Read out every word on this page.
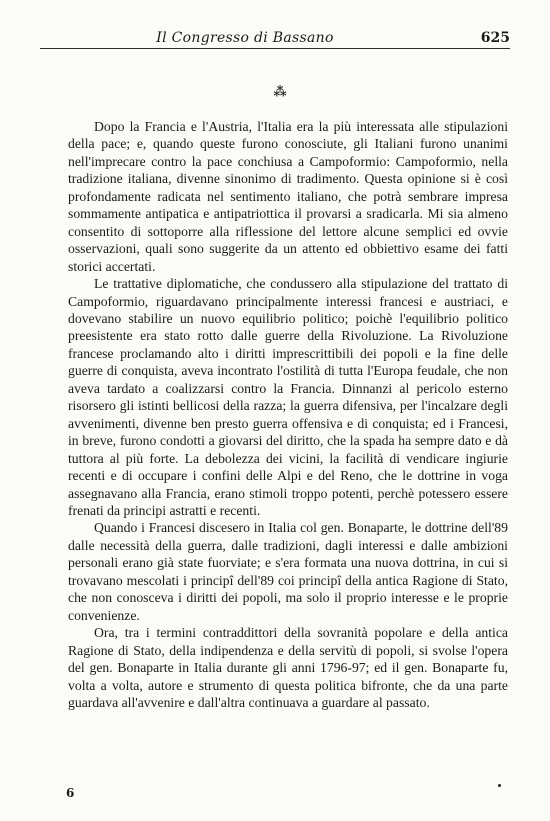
Il Congresso di Bassano	625
⁂

Dopo la Francia e l'Austria, l'Italia era la più interessata alle stipulazioni della pace; e, quando queste furono conosciute, gli Italiani furono unanimi nell'imprecare contro la pace conchiusa a Campoformio: Campoformio, nella tradizione italiana, divenne sinonimo di tradimento. Questa opinione si è così profondamente radicata nel sentimento italiano, che potrà sembrare impresa sommamente antipatica e antipatriottica il provarsi a sradicarla. Mi sia almeno consentito di sottoporre alla riflessione del lettore alcune semplici ed ovvie osservazioni, quali sono suggerite da un attento ed obbiettivo esame dei fatti storici accertati.

Le trattative diplomatiche, che condussero alla stipulazione del trattato di Campoformio, riguardavano principalmente interessi francesi e austriaci, e dovevano stabilire un nuovo equilibrio politico; poichè l'equilibrio politico preesistente era stato rotto dalle guerre della Rivoluzione. La Rivoluzione francese proclamando alto i diritti imprescrittibili dei popoli e la fine delle guerre di conquista, aveva incontrato l'ostilità di tutta l'Europa feudale, che non aveva tardato a coalizzarsi contro la Francia. Dinnanzi al pericolo esterno risorsero gli istinti bellicosi della razza; la guerra difensiva, per l'incalzare degli avvenimenti, divenne ben presto guerra offensiva e di conquista; ed i Francesi, in breve, furono condotti a giovarsi del diritto, che la spada ha sempre dato e dà tuttora al più forte. La debolezza dei vicini, la facilità di vendicare ingiurie recenti e di occupare i confini delle Alpi e del Reno, che le dottrine in voga assegnavano alla Francia, erano stimoli troppo potenti, perchè potessero essere frenati da principi astratti e recenti.

Quando i Francesi discesero in Italia col gen. Bonaparte, le dottrine dell'89 dalle necessità della guerra, dalle tradizioni, dagli interessi e dalle ambizioni personali erano già state fuorviate; e s'era formata una nuova dottrina, in cui si trovavano mescolati i principî dell'89 coi principî della antica Ragione di Stato, che non conosceva i diritti dei popoli, ma solo il proprio interesse e le proprie convenienze.

Ora, tra i termini contraddittori della sovranità popolare e della antica Ragione di Stato, della indipendenza e della servitù di popoli, si svolse l'opera del gen. Bonaparte in Italia durante gli anni 1796-97; ed il gen. Bonaparte fu, volta a volta, autore e strumento di questa politica bifronte, che da una parte guardava all'avvenire e dall'altra continuava a guardare al passato.

6
